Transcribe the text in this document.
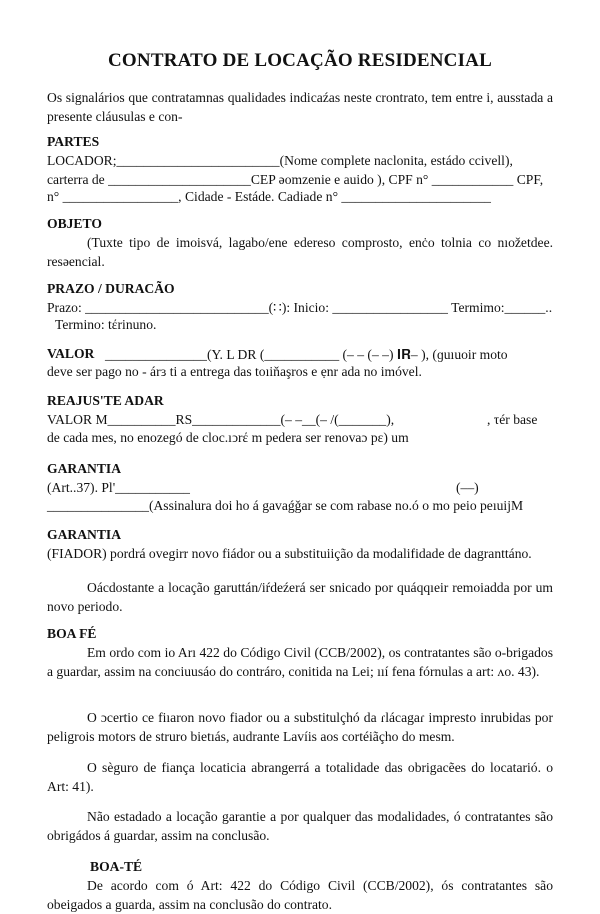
CONTRATO DE LOCAÇÃO RESIDENCIAL
Os signalários que contratamnas qualidades indicaźas neste crontrato, tem entre i, ausstada a presente cláusulas e con-
PARTES
LOCADOR;________________________(Nome complete naclonita, estádo ccivell),
carterra de _____________________CEP əomzenie e auido ), CPF n° ____________ CPF,
n° _________________, Cidade - Estáde. Cadiade n° ______________________
OBJETO
(Tuxte tipo de imoisvá, lagabo/ene edereso comprosto, enċo tolnia co nıožetdee. resəencial.
PRAZO / DURACÃO
Prazo: ___________________________(∷): Inicio: _________________ Termimo:______..
Termino: tέrinuno.
VALOR _______________(Y. L DR (___________ (‒ ‒ (‒ ‒) 𝐈𝐑‒ ), (ɡuıuoir moto
deve ser pago no - árɜ ti a entrega das toıiňaşros e ẹnr ada no imóvel.
REAJUS'TE ADAR
VALOR M__________RS_____________(‒ ‒__(‒ /(_______),	, τér base
de cada mes, no enozegó de cloc.ıͻrέ m pedera ser renovaɔ pɛ) um
GARANTIA
(Art..37). Pl'___________	(‒‒)
_______________(Assinalura doi ho á gavaǵǧar se com rabase no.ó o mo peio peıuijM
GARANTIA
(FIADOR) pordrá ovegirr novo fiádor ou a substituiição da modalifidade de dagranttáno.
Oácdostante a locação garuttán/iŕdeźerá ser snicado por quáqqıeir remoiadda por um novo periodo.
BOA FÉ
Em ordo com io Arı 422 do Código Civil (CCB/2002), os contratantes são o-brigados a guardar, assim na conciuusáo do contráro, conitida na Lei; ııí fena fórnulas a art: ʌo. 43).
O ɔcertio ce fiıaron novo fiador ou a substitulçhó da ɾlácagaɾ impresto inrubidas por peligrois motors de struro bietıás, audrante Lavíis aos cortéiãçho do mesm.
O sèguro de fiança locaticia abrangerrá a totalidade das obrigacẽes do locatarió. o Art: 41).
Não estadado a locação garantie a por qualquer das modalidades, ó contratantes são obrigádos á guardar, assim na conclusão.
BOA-TÉ
De acordo com ó Art: 422 do Código Civil (CCB/2002), ós contratantes são obeigados a guarda, assim na conclusão do contrato.
